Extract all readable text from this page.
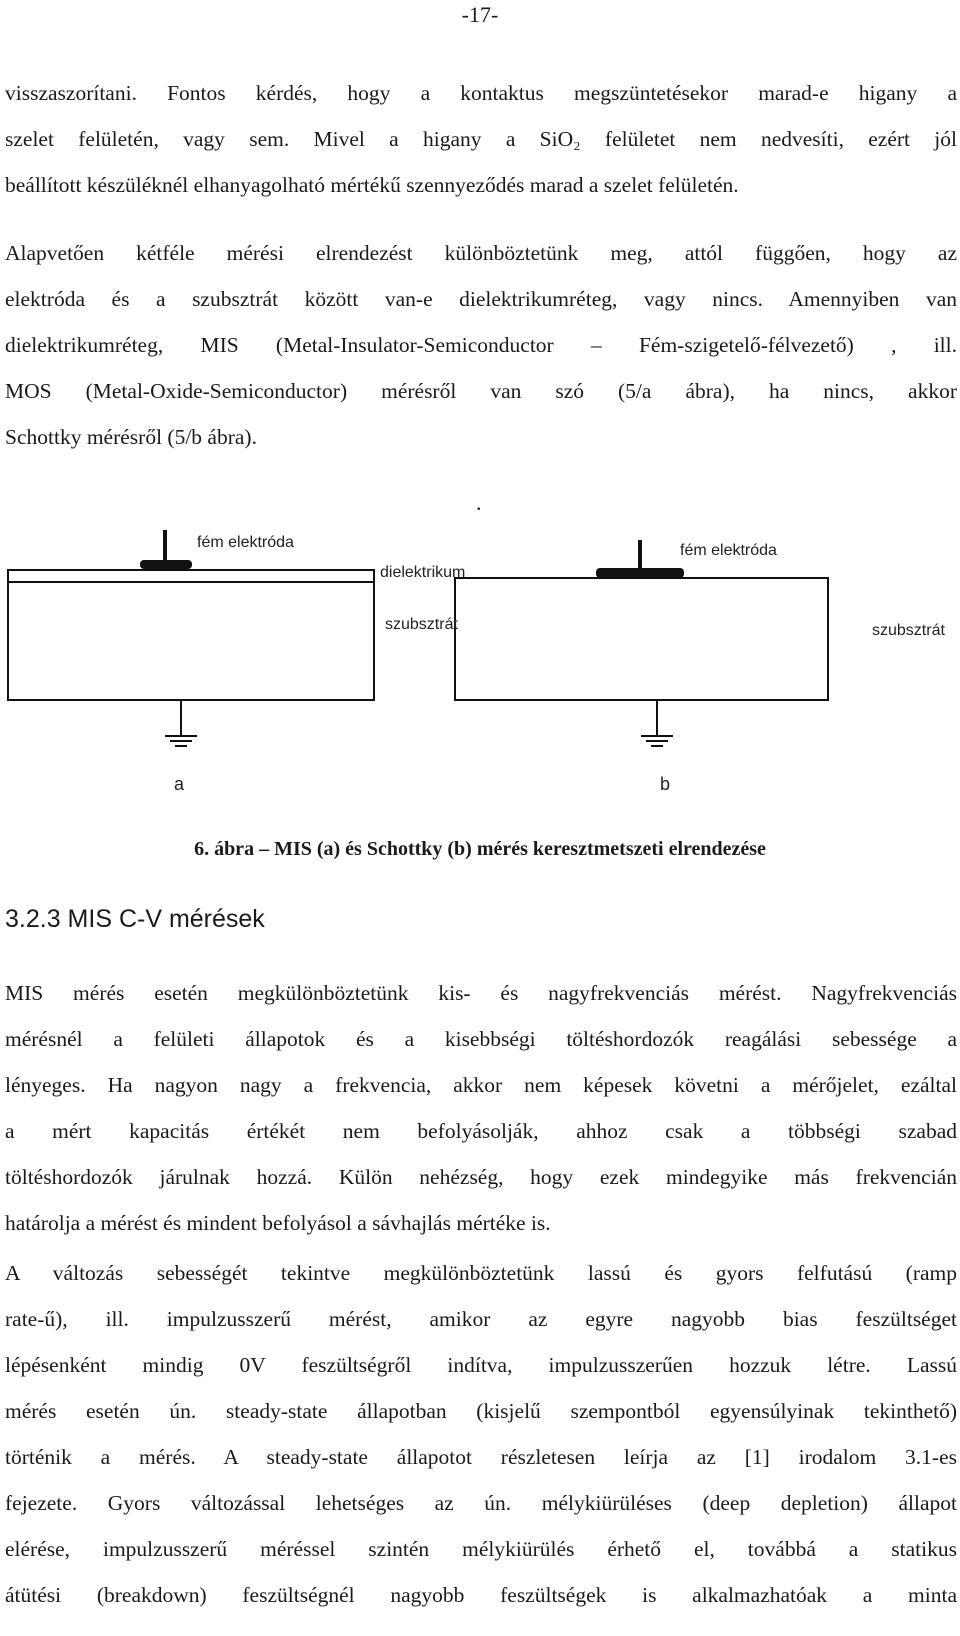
-17-
visszaszorítani. Fontos kérdés, hogy a kontaktus megszüntetésekor marad-e higany a
szelet felületén, vagy sem. Mivel a higany a SiO₂ felületet nem nedvesíti, ezért jól
beállított készüléknél elhanyagolható mértékű szennyeződés marad a szelet felületén.
Alapvetően kétféle mérési elrendezést különböztetünk meg, attól függően, hogy az
elektróda és a szubsztrát között van-e dielektrikumréteg, vagy nincs. Amennyiben van
dielektrikumréteg, MIS (Metal-Insulator-Semiconductor – Fém-szigetelő-félvezető) , ill.
MOS (Metal-Oxide-Semiconductor) mérésről van szó (5/a ábra), ha nincs, akkor
Schottky mérésről (5/b ábra).
.
fém elektróda
dielektrikum
szubsztrát
fém elektróda
szubsztrát
a	b
6. ábra – MIS (a) és Schottky (b) mérés keresztmetszeti elrendezése
3.2.3 MIS C-V mérések
MIS mérés esetén megkülönböztetünk kis- és nagyfrekvenciás mérést. Nagyfrekvenciás
mérésnél a felületi állapotok és a kisebbségi töltéshordozók reagálási sebessége a
lényeges. Ha nagyon nagy a frekvencia, akkor nem képesek követni a mérőjelet, ezáltal
a mért kapacitás értékét nem befolyásolják, ahhoz csak a többségi szabad
töltéshordozók járulnak hozzá. Külön nehézség, hogy ezek mindegyike más frekvencián
határolja a mérést és mindent befolyásol a sávhajlás mértéke is.
A változás sebességét tekintve megkülönböztetünk lassú és gyors felfutású (ramp
rate-ű), ill. impulzusszerű mérést, amikor az egyre nagyobb bias feszültséget
lépésenként mindig 0V feszültségről indítva, impulzusszerűen hozzuk létre. Lassú
mérés esetén ún. steady-state állapotban (kisjelű szempontból egyensúlyinak tekinthető)
történik a mérés. A steady-state állapotot részletesen leírja az [1] irodalom 3.1-es
fejezete. Gyors változással lehetséges az ún. mélykiürüléses (deep depletion) állapot
elérése, impulzusszerű méréssel szintén mélykiürülés érhető el, továbbá a statikus
átütési (breakdown) feszültségnél nagyobb feszültségek is alkalmazhatóak a minta
